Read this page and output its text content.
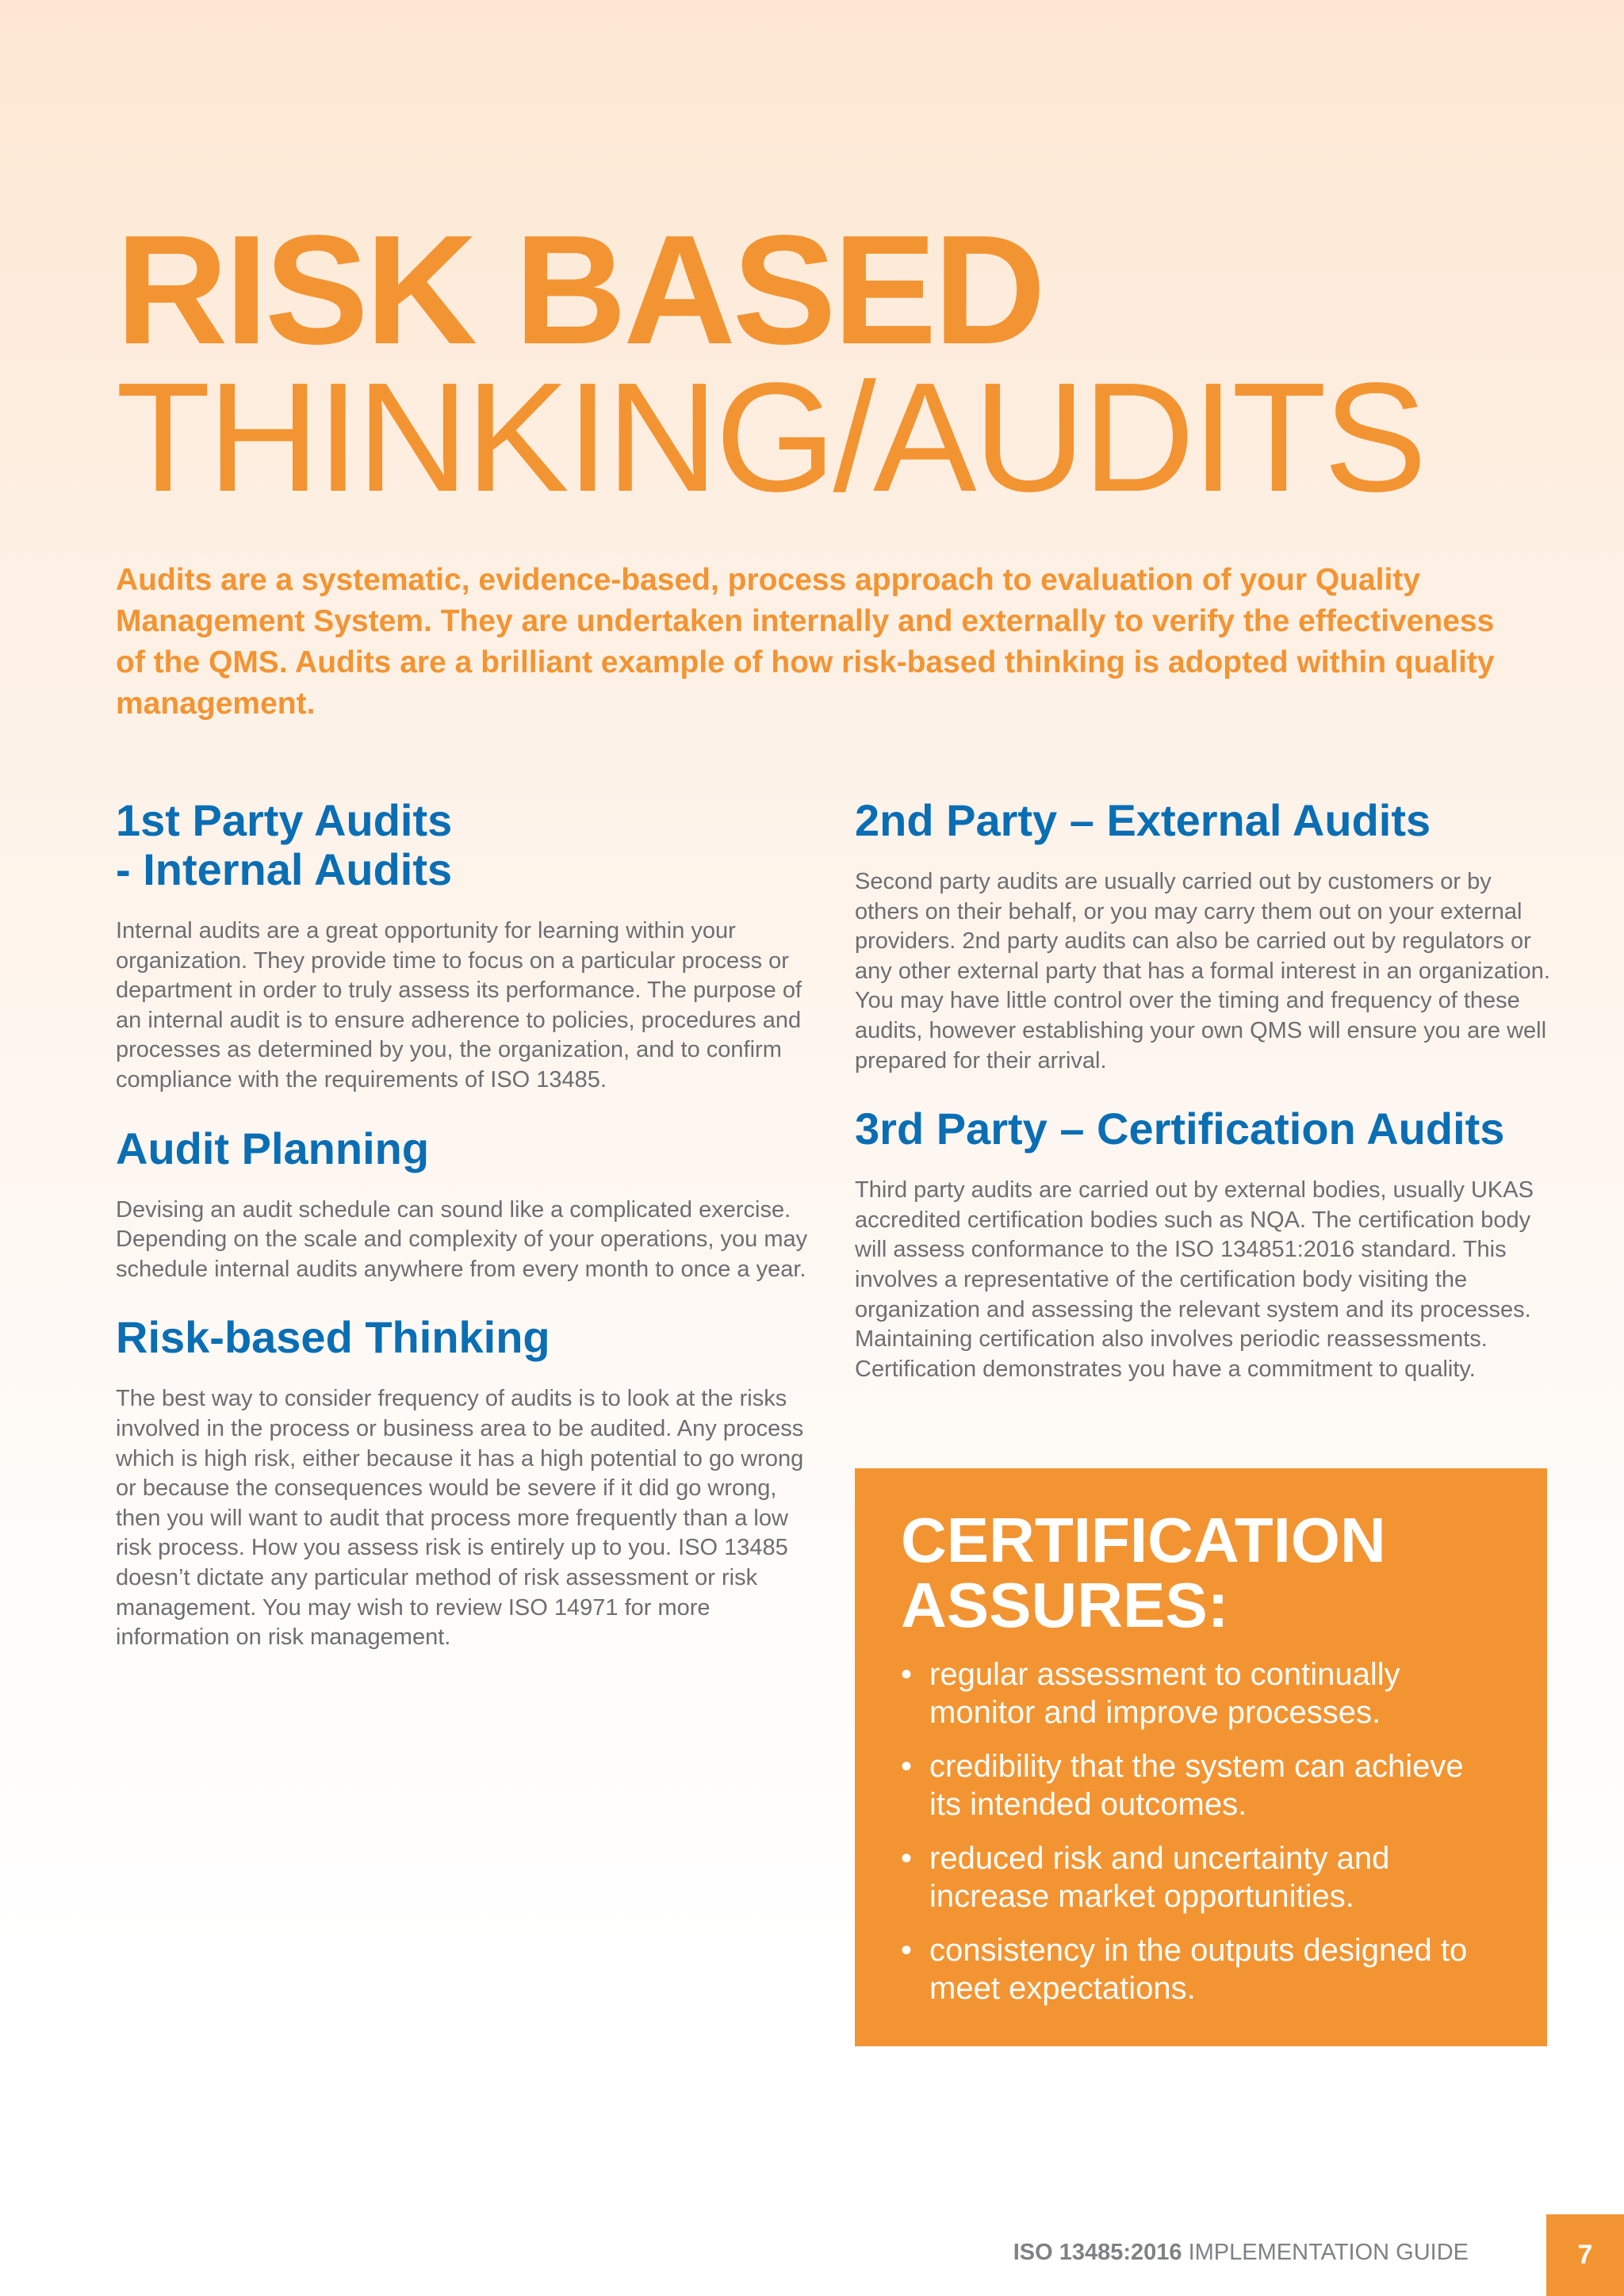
RISK BASED
THINKING/AUDITS

Audits are a systematic, evidence-based, process approach to evaluation of your Quality Management System. They are undertaken internally and externally to verify the effectiveness of the QMS. Audits are a brilliant example of how risk-based thinking is adopted within quality management.

1st Party Audits
- Internal Audits

Internal audits are a great opportunity for learning within your organization. They provide time to focus on a particular process or department in order to truly assess its performance. The purpose of an internal audit is to ensure adherence to policies, procedures and processes as determined by you, the organization, and to confirm compliance with the requirements of ISO 13485.

Audit Planning

Devising an audit schedule can sound like a complicated exercise. Depending on the scale and complexity of your operations, you may schedule internal audits anywhere from every month to once a year.

Risk-based Thinking

The best way to consider frequency of audits is to look at the risks involved in the process or business area to be audited. Any process which is high risk, either because it has a high potential to go wrong or because the consequences would be severe if it did go wrong, then you will want to audit that process more frequently than a low risk process. How you assess risk is entirely up to you. ISO 13485 doesn’t dictate any particular method of risk assessment or risk management. You may wish to review ISO 14971 for more information on risk management.

2nd Party – External Audits

Second party audits are usually carried out by customers or by others on their behalf, or you may carry them out on your external providers. 2nd party audits can also be carried out by regulators or any other external party that has a formal interest in an organization. You may have little control over the timing and frequency of these audits, however establishing your own QMS will ensure you are well prepared for their arrival.

3rd Party – Certification Audits

Third party audits are carried out by external bodies, usually UKAS accredited certification bodies such as NQA. The certification body will assess conformance to the ISO 134851:2016 standard. This involves a representative of the certification body visiting the organization and assessing the relevant system and its processes. Maintaining certification also involves periodic reassessments. Certification demonstrates you have a commitment to quality.

CERTIFICATION
ASSURES:
• regular assessment to continually monitor and improve processes.
• credibility that the system can achieve its intended outcomes.
• reduced risk and uncertainty and increase market opportunities.
• consistency in the outputs designed to meet expectations.
ISO 13485:2016 IMPLEMENTATION GUIDE	7
